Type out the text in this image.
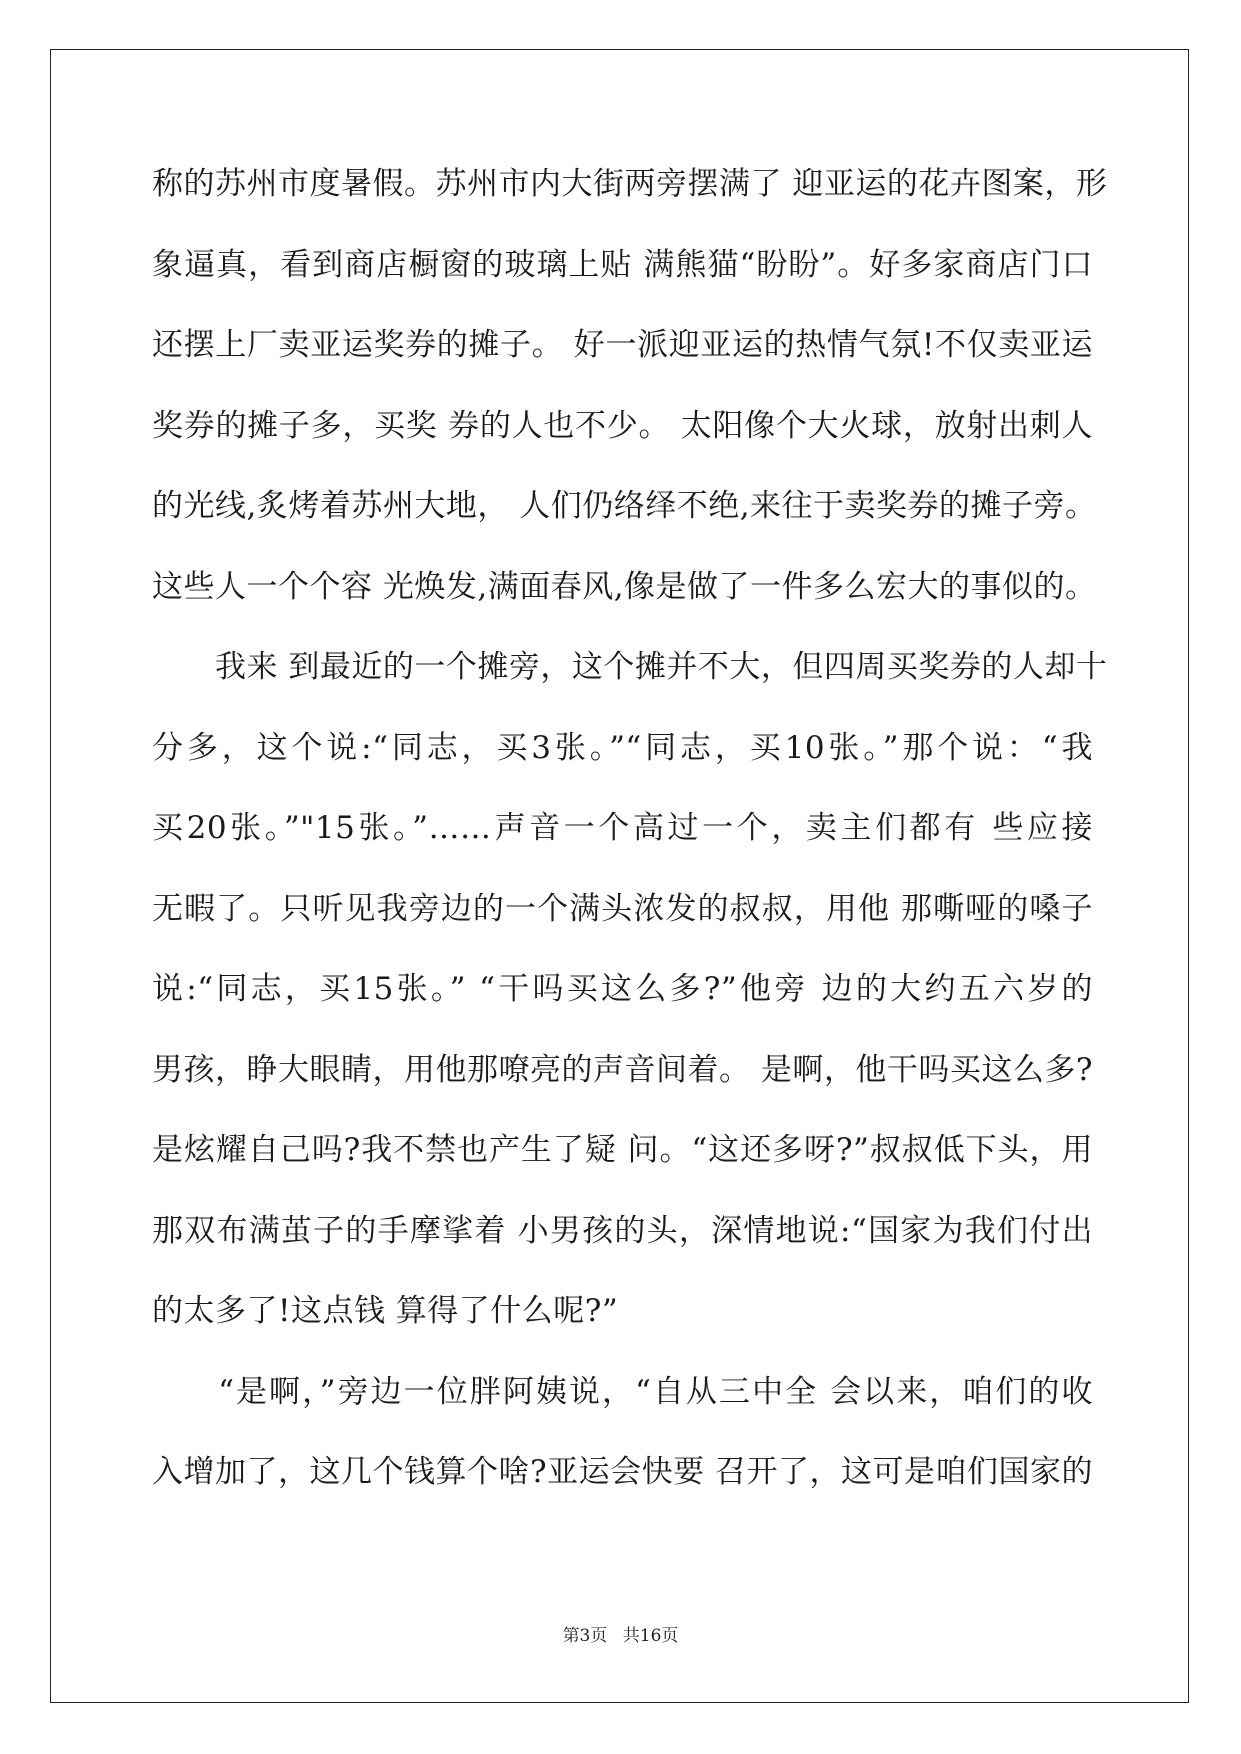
称的苏州市度暑假。苏州市内大街两旁摆满了 迎亚运的花卉图案，形
象逼真，看到商店橱窗的玻璃上贴 满熊猫“盼盼”。好多家商店门口
还摆上厂卖亚运奖券的摊子。 好一派迎亚运的热情气氛!不仅卖亚运
奖券的摊子多，买奖 券的人也不少。 太阳像个大火球，放射出刺人
的光线,炙烤着苏州大地， 人们仍络绎不绝,来往于卖奖券的摊子旁。
这些人一个个容 光焕发,满面春风,像是做了一件多么宏大的事似的。
　　我来 到最近的一个摊旁，这个摊并不大，但四周买奖券的人却十
分多，这个说:“同志，买3张。”“同志，买10张。”那个说：“我
买20张。”"15张。”……声音一个高过一个，卖主们都有 些应接
无暇了。只听见我旁边的一个满头浓发的叔叔，用他 那嘶哑的嗓子
说:“同志，买15张。” “干吗买这么多?”他旁 边的大约五六岁的
男孩，睁大眼睛，用他那嘹亮的声音间着。 是啊，他干吗买这么多?
是炫耀自己吗?我不禁也产生了疑 问。“这还多呀?”叔叔低下头，用
那双布满茧子的手摩挲着 小男孩的头，深情地说:“国家为我们付出
的太多了!这点钱 算得了什么呢?”
　　“是啊，”旁边一位胖阿姨说，“自从三中全 会以来，咱们的收
入增加了，这几个钱算个啥?亚运会快要 召开了，这可是咱们国家的
第3页 共16页
